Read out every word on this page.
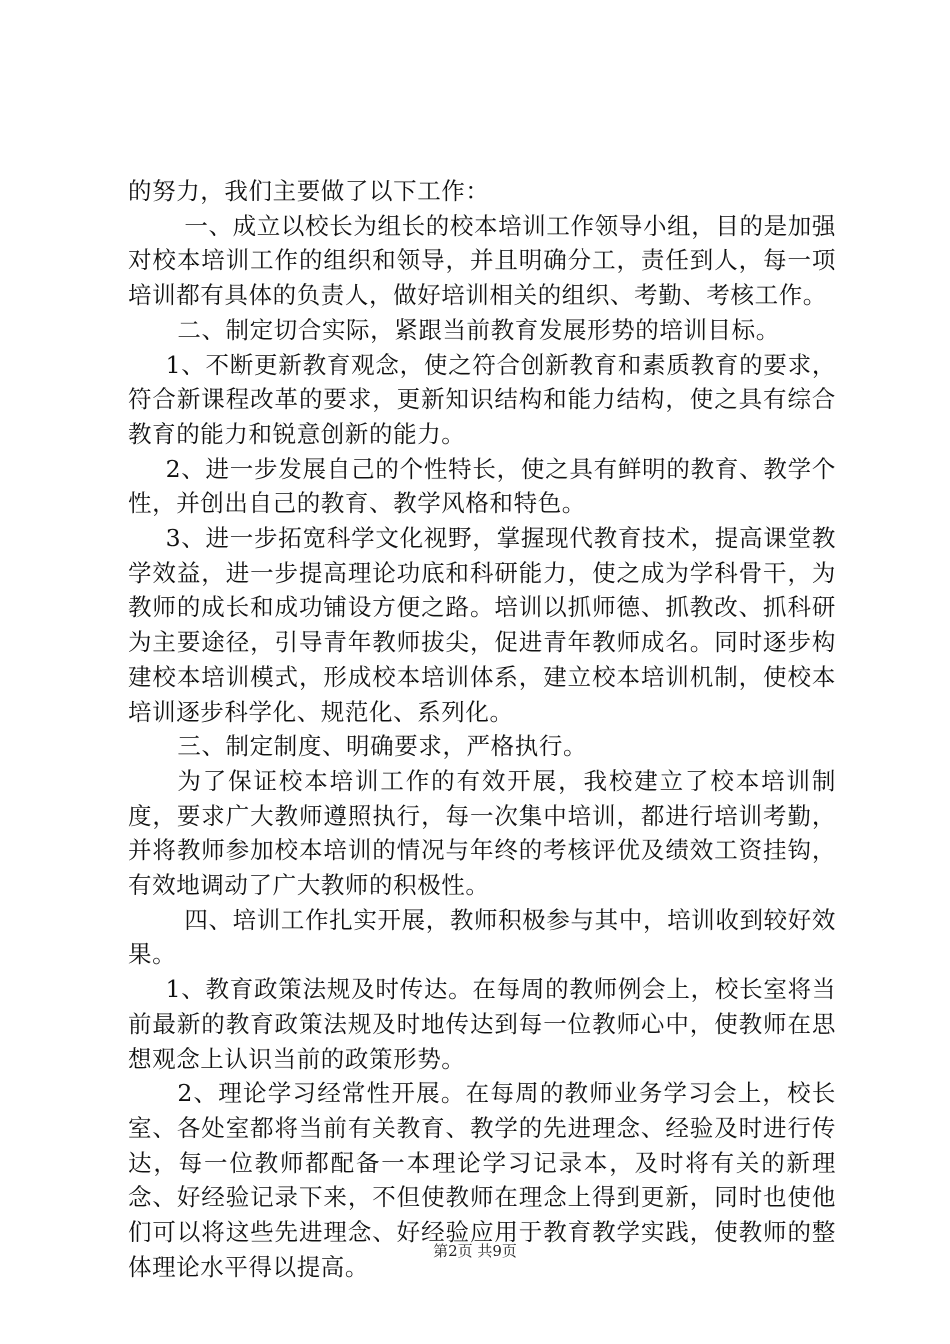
的努力，我们主要做了以下工作：

一、成立以校长为组长的校本培训工作领导小组，目的是加强对校本培训工作的组织和领导，并且明确分工，责任到人，每一项培训都有具体的负责人，做好培训相关的组织、考勤、考核工作。

二、制定切合实际，紧跟当前教育发展形势的培训目标。

1、不断更新教育观念，使之符合创新教育和素质教育的要求，符合新课程改革的要求，更新知识结构和能力结构，使之具有综合教育的能力和锐意创新的能力。

2、进一步发展自己的个性特长，使之具有鲜明的教育、教学个性，并创出自己的教育、教学风格和特色。

3、进一步拓宽科学文化视野，掌握现代教育技术，提高课堂教学效益，进一步提高理论功底和科研能力，使之成为学科骨干，为教师的成长和成功铺设方便之路。培训以抓师德、抓教改、抓科研为主要途径，引导青年教师拔尖，促进青年教师成名。同时逐步构建校本培训模式，形成校本培训体系，建立校本培训机制，使校本培训逐步科学化、规范化、系列化。

三、制定制度、明确要求，严格执行。

为了保证校本培训工作的有效开展，我校建立了校本培训制度，要求广大教师遵照执行，每一次集中培训，都进行培训考勤，并将教师参加校本培训的情况与年终的考核评优及绩效工资挂钩，有效地调动了广大教师的积极性。

四、培训工作扎实开展，教师积极参与其中，培训收到较好效果。

1、教育政策法规及时传达。在每周的教师例会上，校长室将当前最新的教育政策法规及时地传达到每一位教师心中，使教师在思想观念上认识当前的政策形势。

2、理论学习经常性开展。在每周的教师业务学习会上，校长室、各处室都将当前有关教育、教学的先进理念、经验及时进行传达，每一位教师都配备一本理论学习记录本，及时将有关的新理念、好经验记录下来，不但使教师在理念上得到更新，同时也使他们可以将这些先进理念、好经验应用于教育教学实践，使教师的整体理论水平得以提高。

第2页 共9页
